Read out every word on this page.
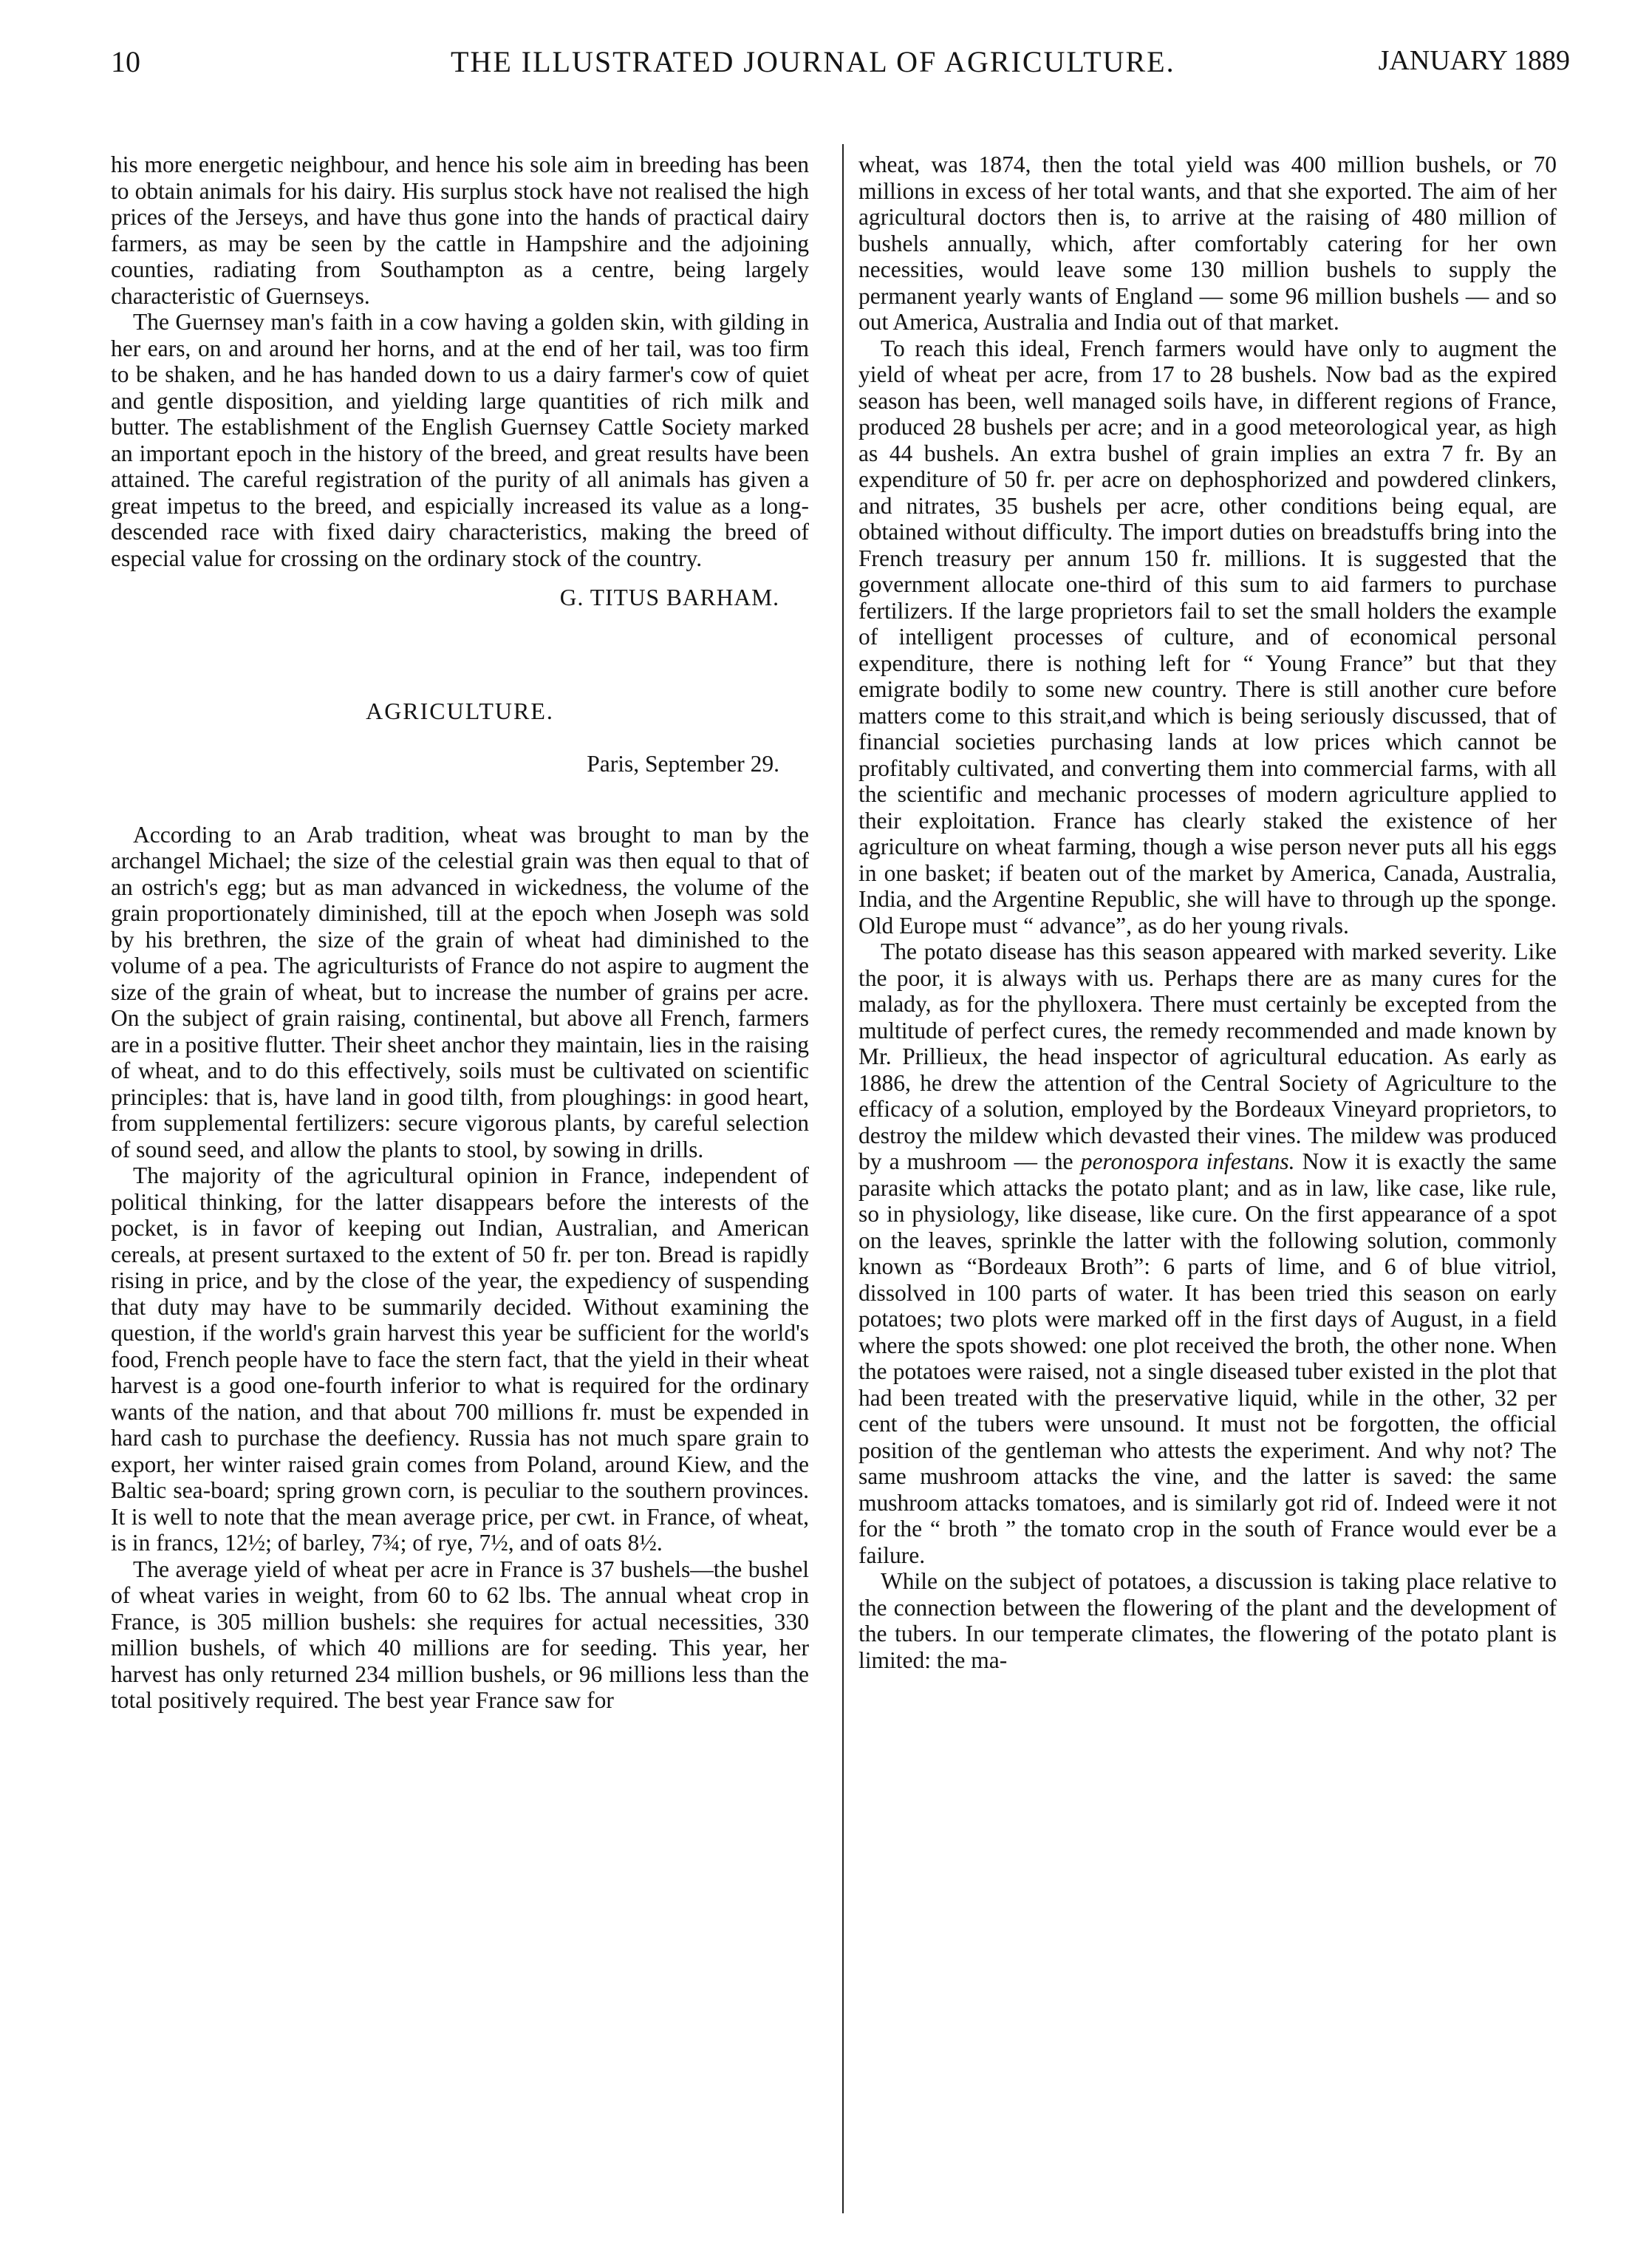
10	THE ILLUSTRATED JOURNAL OF AGRICULTURE.	JANUARY 1889

his more energetic neighbour, and hence his sole aim in breeding has been to obtain animals for his dairy. His surplus stock have not realised the high prices of the Jerseys, and have thus gone into the hands of practical dairy farmers, as may be seen by the cattle in Hampshire and the adjoining counties, radiating from Southampton as a centre, being largely characteristic of Guernseys.

The Guernsey man's faith in a cow having a golden skin, with gilding in her ears, on and around her horns, and at the end of her tail, was too firm to be shaken, and he has handed down to us a dairy farmer's cow of quiet and gentle disposition, and yielding large quantities of rich milk and butter. The establishment of the English Guernsey Cattle Society marked an important epoch in the history of the breed, and great results have been attained. The careful registration of the purity of all animals has given a great impetus to the breed, and espicially increased its value as a long-descended race with fixed dairy characteristics, making the breed of especial value for crossing on the ordinary stock of the country.

G. TITUS BARHAM.
AGRICULTURE.
Paris, September 29.

According to an Arab tradition, wheat was brought to man by the archangel Michael; the size of the celestial grain was then equal to that of an ostrich's egg; but as man advanced in wickedness, the volume of the grain proportionately diminished, till at the epoch when Joseph was sold by his brethren, the size of the grain of wheat had diminished to the volume of a pea. The agriculturists of France do not aspire to augment the size of the grain of wheat, but to increase the number of grains per acre. On the subject of grain raising, continental, but above all French, farmers are in a positive flutter. Their sheet anchor they maintain, lies in the raising of wheat, and to do this effectively, soils must be cultivated on scientific principles: that is, have land in good tilth, from ploughings: in good heart, from supplemental fertilizers: secure vigorous plants, by careful selection of sound seed, and allow the plants to stool, by sowing in drills.

The majority of the agricultural opinion in France, independent of political thinking, for the latter disappears before the interests of the pocket, is in favor of keeping out Indian, Australian, and American cereals, at present surtaxed to the extent of 50 fr. per ton. Bread is rapidly rising in price, and by the close of the year, the expediency of suspending that duty may have to be summarily decided. Without examining the question, if the world's grain harvest this year be sufficient for the world's food, French people have to face the stern fact, that the yield in their wheat harvest is a good one-fourth inferior to what is required for the ordinary wants of the nation, and that about 700 millions fr. must be expended in hard cash to purchase the deefiency. Russia has not much spare grain to export, her winter raised grain comes from Poland, around Kiew, and the Baltic sea-board; spring grown corn, is peculiar to the southern provinces. It is well to note that the mean average price, per cwt. in France, of wheat, is in francs, 12½; of barley, 7¾; of rye, 7½, and of oats 8½.

The average yield of wheat per acre in France is 37 bushels—the bushel of wheat varies in weight, from 60 to 62 lbs. The annual wheat crop in France, is 305 million bushels: she requires for actual necessities, 330 million bushels, of which 40 millions are for seeding. This year, her harvest has only returned 234 million bushels, or 96 millions less than the total positively required. The best year France saw for

wheat, was 1874, then the total yield was 400 million bushels, or 70 millions in excess of her total wants, and that she exported. The aim of her agricultural doctors then is, to arrive at the raising of 480 million of bushels annually, which, after comfortably catering for her own necessities, would leave some 130 million bushels to supply the permanent yearly wants of England — some 96 million bushels — and so out America, Australia and India out of that market.

To reach this ideal, French farmers would have only to augment the yield of wheat per acre, from 17 to 28 bushels. Now bad as the expired season has been, well managed soils have, in different regions of France, produced 28 bushels per acre; and in a good meteorological year, as high as 44 bushels. An extra bushel of grain implies an extra 7 fr. By an expenditure of 50 fr. per acre on dephosphorized and powdered clinkers, and nitrates, 35 bushels per acre, other conditions being equal, are obtained without difficulty. The import duties on breadstuffs bring into the French treasury per annum 150 fr. millions. It is suggested that the government allocate one-third of this sum to aid farmers to purchase fertilizers. If the large proprietors fail to set the small holders the example of intelligent processes of culture, and of economical personal expenditure, there is nothing left for “ Young France” but that they emigrate bodily to some new country. There is still another cure before matters come to this strait,and which is being seriously discussed, that of financial societies purchasing lands at low prices which cannot be profitably cultivated, and converting them into commercial farms, with all the scientific and mechanic processes of modern agriculture applied to their exploitation. France has clearly staked the existence of her agriculture on wheat farming, though a wise person never puts all his eggs in one basket; if beaten out of the market by America, Canada, Australia, India, and the Argentine Republic, she will have to through up the sponge. Old Europe must “ advance”, as do her young rivals.

The potato disease has this season appeared with marked severity. Like the poor, it is always with us. Perhaps there are as many cures for the malady, as for the phylloxera. There must certainly be excepted from the multitude of perfect cures, the remedy recommended and made known by Mr. Prillieux, the head inspector of agricultural education. As early as 1886, he drew the attention of the Central Society of Agriculture to the efficacy of a solution, employed by the Bordeaux Vineyard proprietors, to destroy the mildew which devasted their vines. The mildew was produced by a mushroom — the peronospora infestans. Now it is exactly the same parasite which attacks the potato plant; and as in law, like case, like rule, so in physiology, like disease, like cure. On the first appearance of a spot on the leaves, sprinkle the latter with the following solution, commonly known as “Bordeaux Broth”: 6 parts of lime, and 6 of blue vitriol, dissolved in 100 parts of water. It has been tried this season on early potatoes; two plots were marked off in the first days of August, in a field where the spots showed: one plot received the broth, the other none. When the potatoes were raised, not a single diseased tuber existed in the plot that had been treated with the preservative liquid, while in the other, 32 per cent of the tubers were unsound. It must not be forgotten, the official position of the gentleman who attests the experiment. And why not? The same mushroom attacks the vine, and the latter is saved: the same mushroom attacks tomatoes, and is similarly got rid of. Indeed were it not for the “ broth ” the tomato crop in the south of France would ever be a failure.

While on the subject of potatoes, a discussion is taking place relative to the connection between the flowering of the plant and the development of the tubers. In our temperate climates, the flowering of the potato plant is limited: the ma-
